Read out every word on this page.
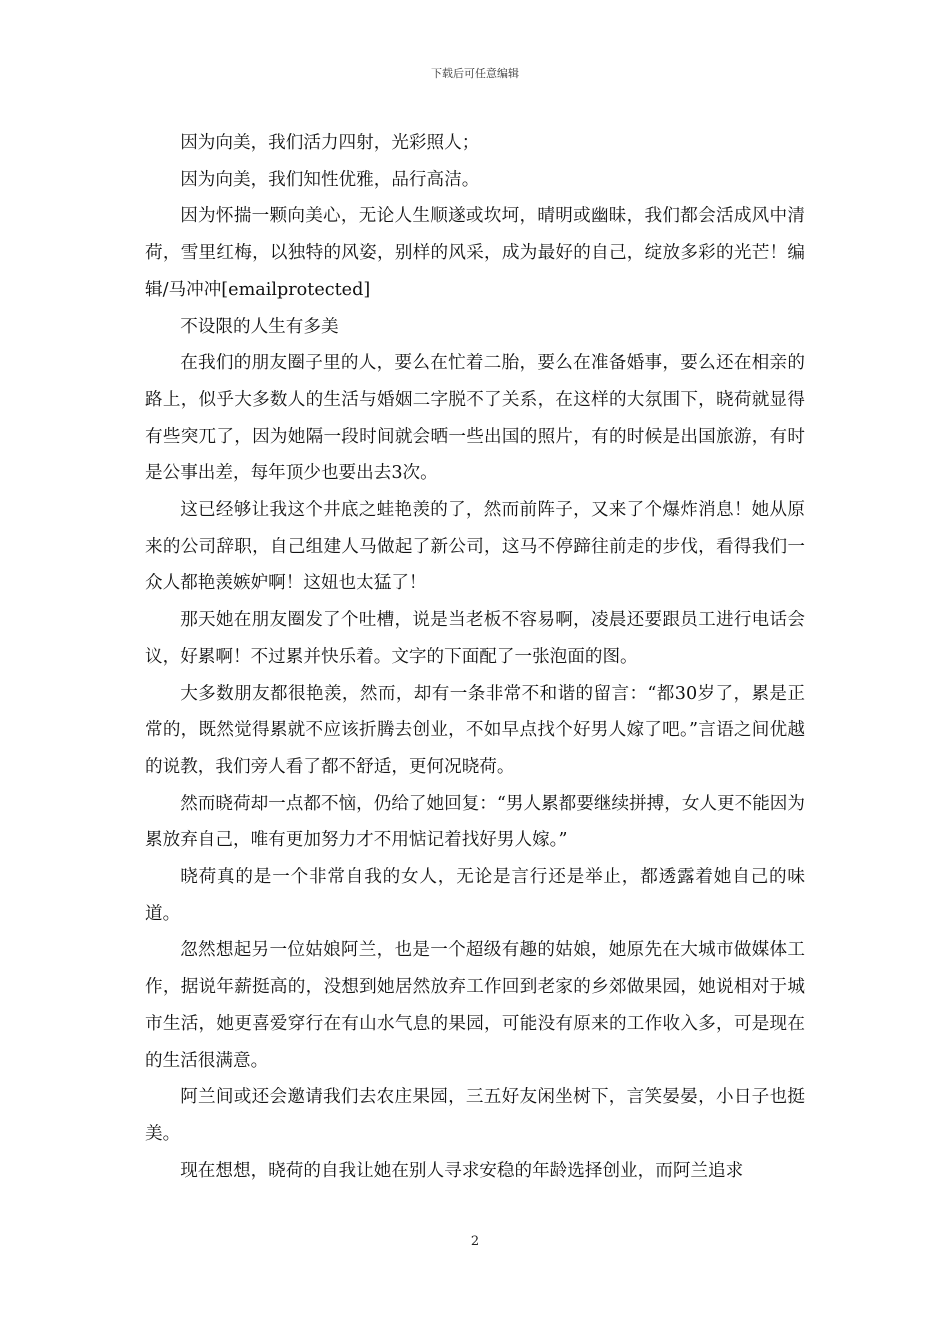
下载后可任意编辑

因为向美，我们活力四射，光彩照人；

因为向美，我们知性优雅，品行高洁。

因为怀揣一颗向美心，无论人生顺遂或坎坷，晴明或幽昧，我们都会活成风中清荷，雪里红梅，以独特的风姿，别样的风采，成为最好的自己，绽放多彩的光芒！编辑/马冲冲[emailprotected]

不设限的人生有多美

在我们的朋友圈子里的人，要么在忙着二胎，要么在准备婚事，要么还在相亲的路上，似乎大多数人的生活与婚姻二字脱不了关系，在这样的大氛围下，晓荷就显得有些突兀了，因为她隔一段时间就会晒一些出国的照片，有的时候是出国旅游，有时是公事出差，每年顶少也要出去3次。

这已经够让我这个井底之蛙艳羡的了，然而前阵子，又来了个爆炸消息！她从原来的公司辞职，自己组建人马做起了新公司，这马不停蹄往前走的步伐，看得我们一众人都艳羡嫉妒啊！这妞也太猛了！

那天她在朋友圈发了个吐槽，说是当老板不容易啊，凌晨还要跟员工进行电话会议，好累啊！不过累并快乐着。文字的下面配了一张泡面的图。

大多数朋友都很艳羡，然而，却有一条非常不和谐的留言：“都30岁了，累是正常的，既然觉得累就不应该折腾去创业，不如早点找个好男人嫁了吧。”言语之间优越的说教，我们旁人看了都不舒适，更何况晓荷。

然而晓荷却一点都不恼，仍给了她回复：“男人累都要继续拼搏，女人更不能因为累放弃自己，唯有更加努力才不用惦记着找好男人嫁。”

晓荷真的是一个非常自我的女人，无论是言行还是举止，都透露着她自己的味道。

忽然想起另一位姑娘阿兰，也是一个超级有趣的姑娘，她原先在大城市做媒体工作，据说年薪挺高的，没想到她居然放弃工作回到老家的乡郊做果园，她说相对于城市生活，她更喜爱穿行在有山水气息的果园，可能没有原来的工作收入多，可是现在的生活很满意。

阿兰间或还会邀请我们去农庄果园，三五好友闲坐树下，言笑晏晏，小日子也挺美。

现在想想，晓荷的自我让她在别人寻求安稳的年龄选择创业，而阿兰追求

2
